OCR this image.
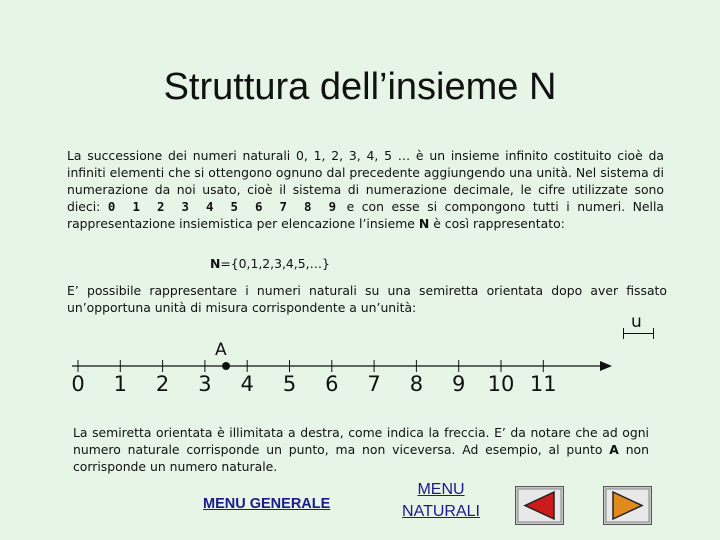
Struttura dell’insieme N
La successione dei numeri naturali 0, 1, 2, 3, 4, 5 … è un insieme infinito costituito cioè da infiniti elementi che si ottengono ognuno dal precedente aggiungendo una unità. Nel sistema di numerazione da noi usato, cioè il sistema di numerazione decimale, le cifre utilizzate sono dieci: 0 1 2 3 4 5 6 7 8 9 e con esse si compongono tutti i numeri. Nella rappresentazione insiemistica per elencazione l’insieme N è così rappresentato:
N={0,1,2,3,4,5,…}
E’ possibile rappresentare i numeri naturali su una semiretta orientata dopo aver fissato un’opportuna unità di misura corrispondente a un’unità:
u
0 1 2 3 4 5 6 7 8 9 10 11
A
La semiretta orientata è illimitata a destra, come indica la freccia. E’ da notare che ad ogni numero naturale corrisponde un punto, ma non viceversa. Ad esempio, al punto A non corrisponde un numero naturale.
MENU GENERALE
MENU NATURALI
